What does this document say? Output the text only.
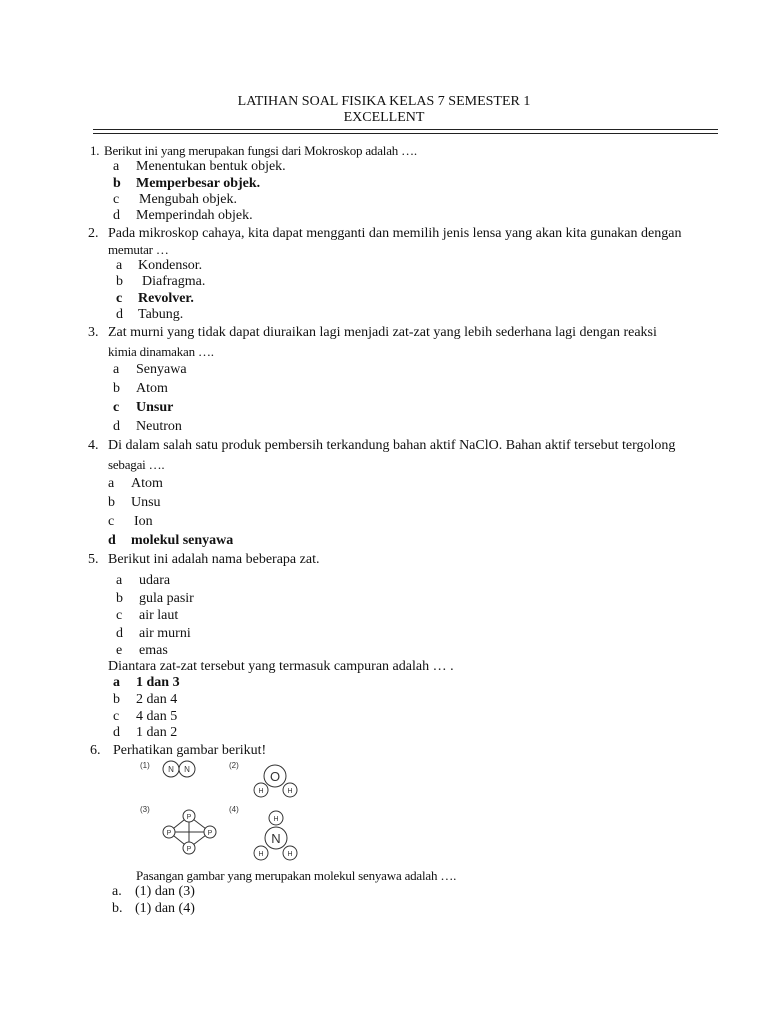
LATIHAN SOAL FISIKA KELAS 7 SEMESTER 1
EXCELLENT
1. Berikut ini yang merupakan fungsi dari Mokroskop adalah ….
a Menentukan bentuk objek.
b Memperbesar objek.
c Mengubah objek.
d Memperindah objek.
2. Pada mikroskop cahaya, kita dapat mengganti dan memilih jenis lensa yang akan kita gunakan dengan
memutar …
a Kondensor.
b Diafragma.
c Revolver.
d Tabung.
3. Zat murni yang tidak dapat diuraikan lagi menjadi zat-zat yang lebih sederhana lagi dengan reaksi
kimia dinamakan ….
a Senyawa
b Atom
c Unsur
d Neutron
4. Di dalam salah satu produk pembersih terkandung bahan aktif NaClO. Bahan aktif tersebut tergolong
sebagai ….
a Atom
b Unsu
c Ion
d molekul senyawa
5. Berikut ini adalah nama beberapa zat.
a udara
b gula pasir
c air laut
d air murni
e emas
Diantara zat-zat tersebut yang termasuk campuran adalah … .
a 1 dan 3
b 2 dan 4
c 4 dan 5
d 1 dan 2
6. Perhatikan gambar berikut!
(1) N N	(2)
O
H	H
(3)
P
P	P
P
(4)
H
N
H	H
Pasangan gambar yang merupakan molekul senyawa adalah ….
a. (1) dan (3)
b. (1) dan (4)
